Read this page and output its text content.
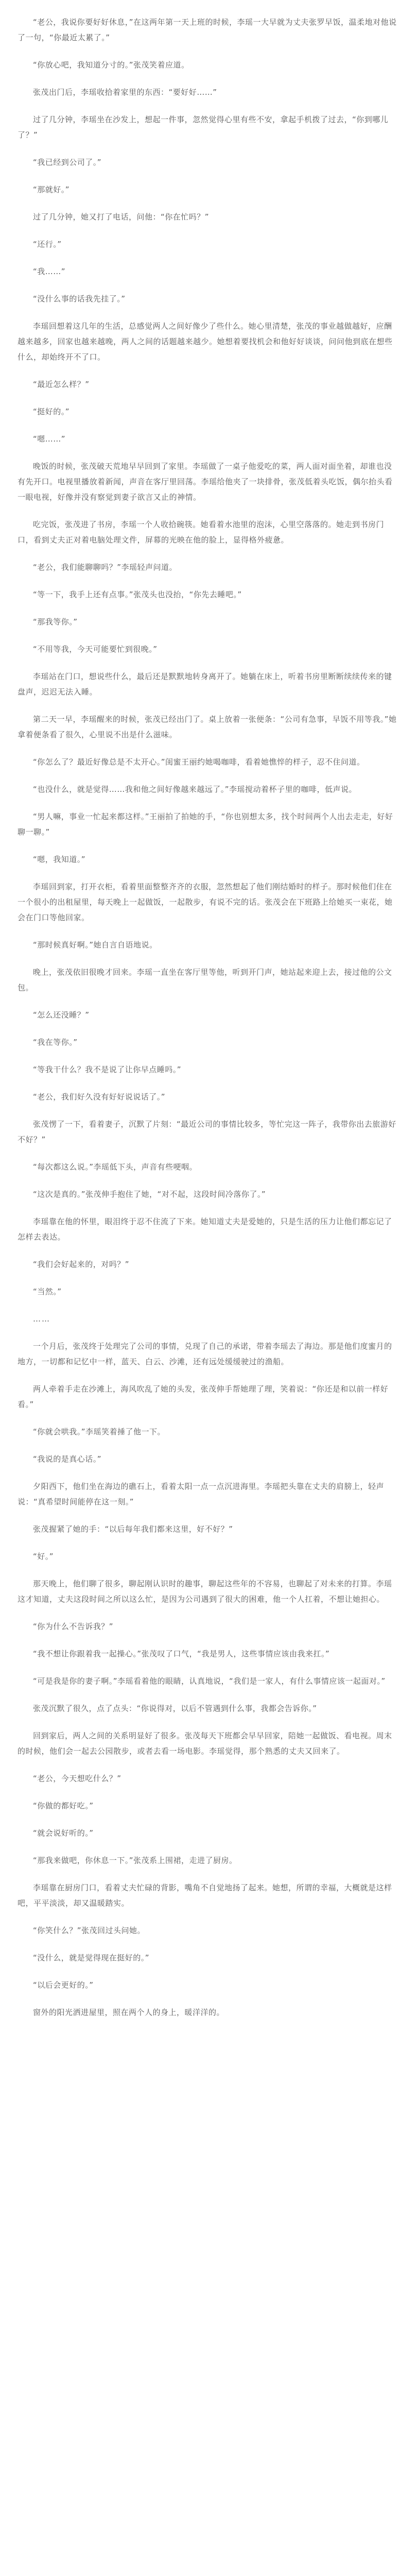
“老公，我说你要好好休息，”在这两年第一天上班的时候，李瑶一大早就为丈夫张罗早饭，温柔地对他说了一句，“你最近太累了。”

“你放心吧，我知道分寸的。”张茂笑着应道。

张茂出门后，李瑶收拾着家里的东西：“要好好……”

过了几分钟，李瑶坐在沙发上，想起一件事，忽然觉得心里有些不安，拿起手机拨了过去，“你到哪儿了？”

“我已经到公司了。”

“那就好。”

过了几分钟，她又打了电话，问他：“你在忙吗？”

“还行。”

“我……”

“没什么事的话我先挂了。”

李瑶回想着这几年的生活，总感觉两人之间好像少了些什么。她心里清楚，张茂的事业越做越好，应酬越来越多，回家也越来越晚，两人之间的话题越来越少。她想着要找机会和他好好谈谈，问问他到底在想些什么，却始终开不了口。

“最近怎么样？”

“挺好的。”

“嗯……”

晚饭的时候，张茂破天荒地早早回到了家里。李瑶做了一桌子他爱吃的菜，两人面对面坐着，却谁也没有先开口。电视里播放着新闻，声音在客厅里回荡。李瑶给他夹了一块排骨，张茂低着头吃饭，偶尔抬头看一眼电视，好像并没有察觉到妻子欲言又止的神情。

吃完饭，张茂进了书房，李瑶一个人收拾碗筷。她看着水池里的泡沫，心里空落落的。她走到书房门口，看到丈夫正对着电脑处理文件，屏幕的光映在他的脸上，显得格外疲惫。

“老公，我们能聊聊吗？”李瑶轻声问道。

“等一下，我手上还有点事。”张茂头也没抬，“你先去睡吧。”

“那我等你。”

“不用等我，今天可能要忙到很晚。”

李瑶站在门口，想说些什么，最后还是默默地转身离开了。她躺在床上，听着书房里断断续续传来的键盘声，迟迟无法入睡。

第二天一早，李瑶醒来的时候，张茂已经出门了。桌上放着一张便条：“公司有急事，早饭不用等我。”她拿着便条看了很久，心里说不出是什么滋味。

“你怎么了？最近好像总是不太开心。”闺蜜王丽约她喝咖啡，看着她憔悴的样子，忍不住问道。

“也没什么，就是觉得……我和他之间好像越来越远了。”李瑶搅动着杯子里的咖啡，低声说。

“男人嘛，事业一忙起来都这样。”王丽拍了拍她的手，“你也别想太多，找个时间两个人出去走走，好好聊一聊。”

“嗯，我知道。”

李瑶回到家，打开衣柜，看着里面整整齐齐的衣服，忽然想起了他们刚结婚时的样子。那时候他们住在一个很小的出租屋里，每天晚上一起做饭，一起散步，有说不完的话。张茂会在下班路上给她买一束花，她会在门口等他回家。

“那时候真好啊。”她自言自语地说。

晚上，张茂依旧很晚才回来。李瑶一直坐在客厅里等他，听到开门声，她站起来迎上去，接过他的公文包。

“怎么还没睡？”

“我在等你。”

“等我干什么？我不是说了让你早点睡吗。”

“老公，我们好久没有好好说说话了。”

张茂愣了一下，看着妻子，沉默了片刻：“最近公司的事情比较多，等忙完这一阵子，我带你出去旅游好不好？”

“每次都这么说。”李瑶低下头，声音有些哽咽。

“这次是真的。”张茂伸手抱住了她，“对不起，这段时间冷落你了。”

李瑶靠在他的怀里，眼泪终于忍不住流了下来。她知道丈夫是爱她的，只是生活的压力让他们都忘记了怎样去表达。

“我们会好起来的，对吗？”

“当然。”

……

一个月后，张茂终于处理完了公司的事情，兑现了自己的承诺，带着李瑶去了海边。那是他们度蜜月的地方，一切都和记忆中一样，蓝天、白云、沙滩，还有远处缓缓驶过的渔船。

两人牵着手走在沙滩上，海风吹乱了她的头发，张茂伸手帮她理了理，笑着说：“你还是和以前一样好看。”

“你就会哄我。”李瑶笑着捶了他一下。

“我说的是真心话。”

夕阳西下，他们坐在海边的礁石上，看着太阳一点一点沉进海里。李瑶把头靠在丈夫的肩膀上，轻声说：“真希望时间能停在这一刻。”

张茂握紧了她的手：“以后每年我们都来这里，好不好？”

“好。”

那天晚上，他们聊了很多，聊起刚认识时的趣事，聊起这些年的不容易，也聊起了对未来的打算。李瑶这才知道，丈夫这段时间之所以这么忙，是因为公司遇到了很大的困难，他一个人扛着，不想让她担心。

“你为什么不告诉我？”

“我不想让你跟着我一起操心。”张茂叹了口气，“我是男人，这些事情应该由我来扛。”

“可是我是你的妻子啊。”李瑶看着他的眼睛，认真地说，“我们是一家人，有什么事情应该一起面对。”

张茂沉默了很久，点了点头：“你说得对，以后不管遇到什么事，我都会告诉你。”

回到家后，两人之间的关系明显好了很多。张茂每天下班都会早早回家，陪她一起做饭、看电视。周末的时候，他们会一起去公园散步，或者去看一场电影。李瑶觉得，那个熟悉的丈夫又回来了。

“老公，今天想吃什么？”

“你做的都好吃。”

“就会说好听的。”

“那我来做吧，你休息一下。”张茂系上围裙，走进了厨房。

李瑶靠在厨房门口，看着丈夫忙碌的背影，嘴角不自觉地扬了起来。她想，所谓的幸福，大概就是这样吧，平平淡淡，却又温暖踏实。

“你笑什么？”张茂回过头问她。

“没什么，就是觉得现在挺好的。”

“以后会更好的。”

窗外的阳光洒进屋里，照在两个人的身上，暖洋洋的。
